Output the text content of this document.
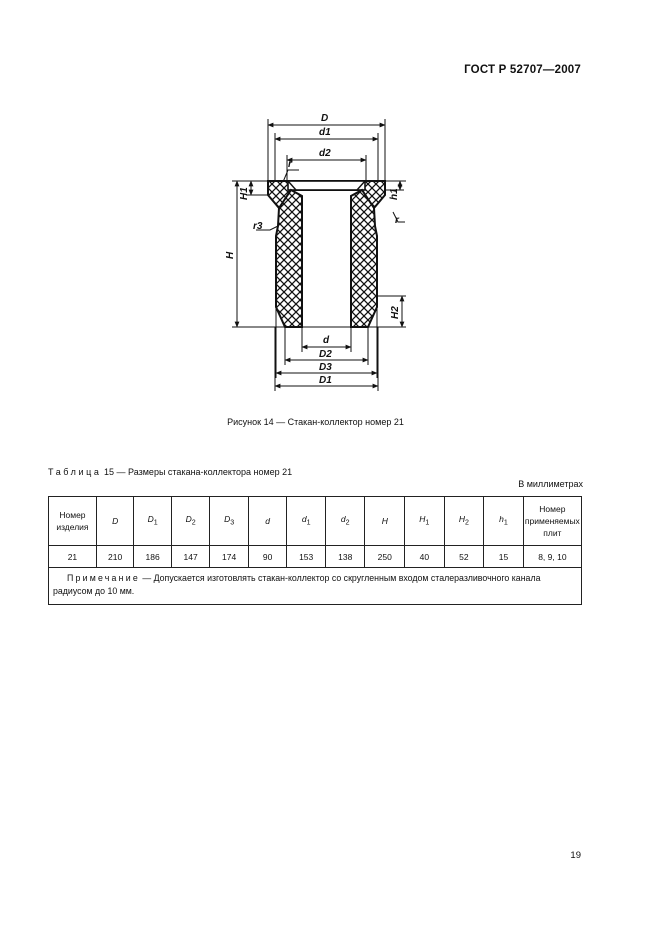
ГОСТ Р 52707—2007
D
d1
d2
r
r
r3
H1	h1
H
H2
d
D2
D3
D1
Рисунок 14 — Стакан-коллектор номер 21
Таблица 15 — Размеры стакана-коллектора номер 21
В миллиметрах
Номер изделия	D	$D_1$	$D_2$	$D_3$	d	$d_1$	$d_2$	H	$H_1$	$H_2$	$h_1$	Номер применяемых плит
21	210	186	147	174	90	153	138	250	40	52	15	8, 9, 10
Примечание — Допускается изготовлять стакан-коллектор со скругленным входом сталеразливочного канала радиусом до 10 мм.												
19
